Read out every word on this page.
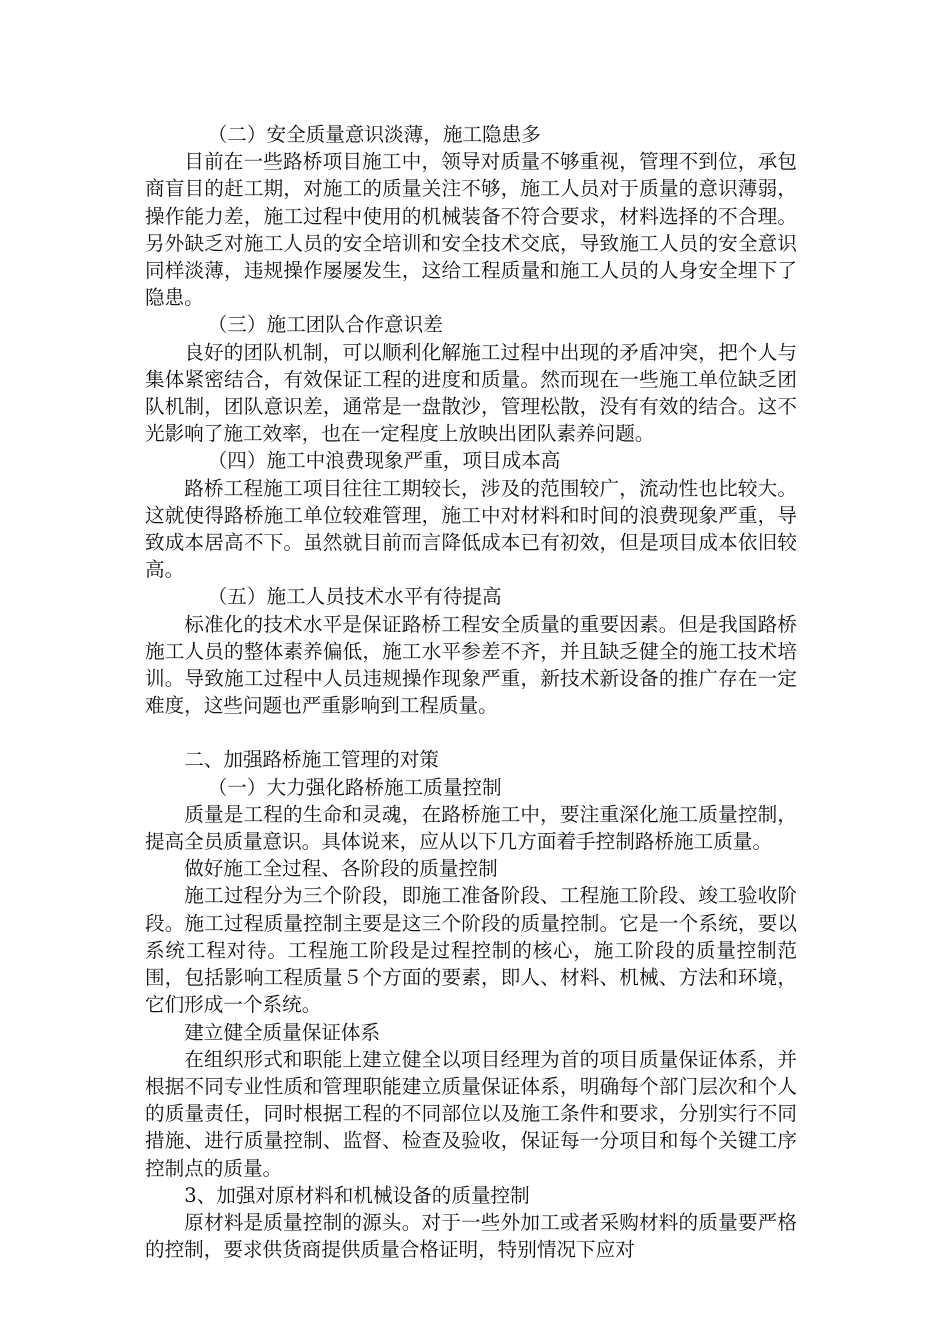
（二）安全质量意识淡薄，施工隐患多

目前在一些路桥项目施工中，领导对质量不够重视，管理不到位，承包商盲目的赶工期，对施工的质量关注不够，施工人员对于质量的意识薄弱，操作能力差，施工过程中使用的机械装备不符合要求，材料选择的不合理。另外缺乏对施工人员的安全培训和安全技术交底，导致施工人员的安全意识同样淡薄，违规操作屡屡发生，这给工程质量和施工人员的人身安全埋下了隐患。

（三）施工团队合作意识差

良好的团队机制，可以顺利化解施工过程中出现的矛盾冲突，把个人与集体紧密结合，有效保证工程的进度和质量。然而现在一些施工单位缺乏团队机制，团队意识差，通常是一盘散沙，管理松散，没有有效的结合。这不光影响了施工效率，也在一定程度上放映出团队素养问题。

（四）施工中浪费现象严重，项目成本高

路桥工程施工项目往往工期较长，涉及的范围较广，流动性也比较大。这就使得路桥施工单位较难管理，施工中对材料和时间的浪费现象严重，导致成本居高不下。虽然就目前而言降低成本已有初效，但是项目成本依旧较高。

（五）施工人员技术水平有待提高

标准化的技术水平是保证路桥工程安全质量的重要因素。但是我国路桥施工人员的整体素养偏低，施工水平参差不齐，并且缺乏健全的施工技术培训。导致施工过程中人员违规操作现象严重，新技术新设备的推广存在一定难度，这些问题也严重影响到工程质量。

二、加强路桥施工管理的对策

（一）大力强化路桥施工质量控制

质量是工程的生命和灵魂，在路桥施工中，要注重深化施工质量控制，提高全员质量意识。具体说来，应从以下几方面着手控制路桥施工质量。

做好施工全过程、各阶段的质量控制

施工过程分为三个阶段，即施工准备阶段、工程施工阶段、竣工验收阶段。施工过程质量控制主要是这三个阶段的质量控制。它是一个系统，要以系统工程对待。工程施工阶段是过程控制的核心，施工阶段的质量控制范围，包括影响工程质量５个方面的要素，即人、材料、机械、方法和环境，它们形成一个系统。

建立健全质量保证体系

在组织形式和职能上建立健全以项目经理为首的项目质量保证体系，并根据不同专业性质和管理职能建立质量保证体系，明确每个部门层次和个人的质量责任，同时根据工程的不同部位以及施工条件和要求，分别实行不同措施、进行质量控制、监督、检查及验收，保证每一分项目和每个关键工序控制点的质量。

3、加强对原材料和机械设备的质量控制

原材料是质量控制的源头。对于一些外加工或者采购材料的质量要严格的控制，要求供货商提供质量合格证明，特别情况下应对
